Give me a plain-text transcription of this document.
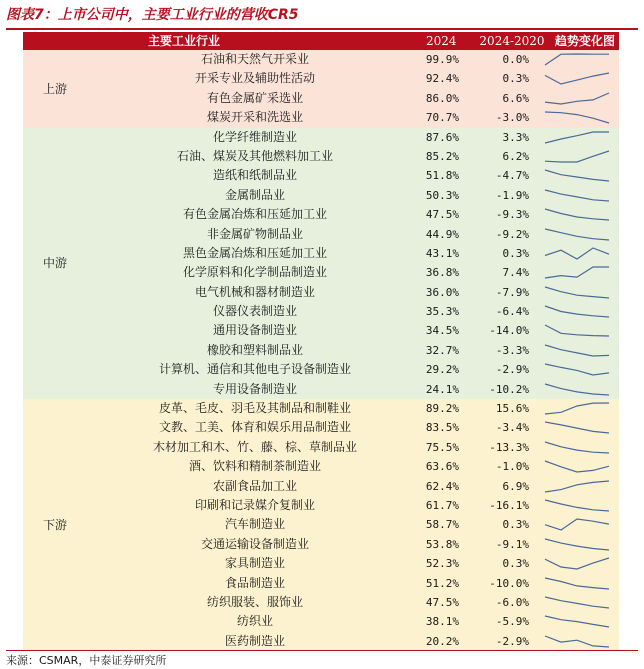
图表7：上市公司中，主要工业行业的营收CR5
主要工业行业	2024	2024-2020 趋势变化图
上游
石油和天然气开采业	99.9%	0.0%
开采专业及辅助性活动	92.4%	0.3%
有色金属矿采选业	86.0%	6.6%
煤炭开采和洗选业	70.7%	-3.0%
中游
化学纤维制造业	87.6%	3.3%
石油、煤炭及其他燃料加工业	85.2%	6.2%
造纸和纸制品业	51.8%	-4.7%
金属制品业	50.3%	-1.9%
有色金属冶炼和压延加工业	47.5%	-9.3%
非金属矿物制品业	44.9%	-9.2%
黑色金属冶炼和压延加工业	43.1%	0.3%
化学原料和化学制品制造业	36.8%	7.4%
电气机械和器材制造业	36.0%	-7.9%
仪器仪表制造业	35.3%	-6.4%
通用设备制造业	34.5%	-14.0%
橡胶和塑料制品业	32.7%	-3.3%
计算机、通信和其他电子设备制造业	29.2%	-2.9%
专用设备制造业	24.1%	-10.2%
下游
皮革、毛皮、羽毛及其制品和制鞋业	89.2%	15.6%
文教、工美、体育和娱乐用品制造业	83.5%	-3.4%
木材加工和木、竹、藤、棕、草制品业	75.5%	-13.3%
酒、饮料和精制茶制造业	63.6%	-1.0%
农副食品加工业	62.4%	6.9%
印刷和记录媒介复制业	61.7%	-16.1%
汽车制造业	58.7%	0.3%
交通运输设备制造业	53.8%	-9.1%
家具制造业	52.3%	0.3%
食品制造业	51.2%	-10.0%
纺织服装、服饰业	47.5%	-6.0%
纺织业	38.1%	-5.9%
医药制造业	20.2%	-2.9%
来源：CSMAR，中泰证券研究所
